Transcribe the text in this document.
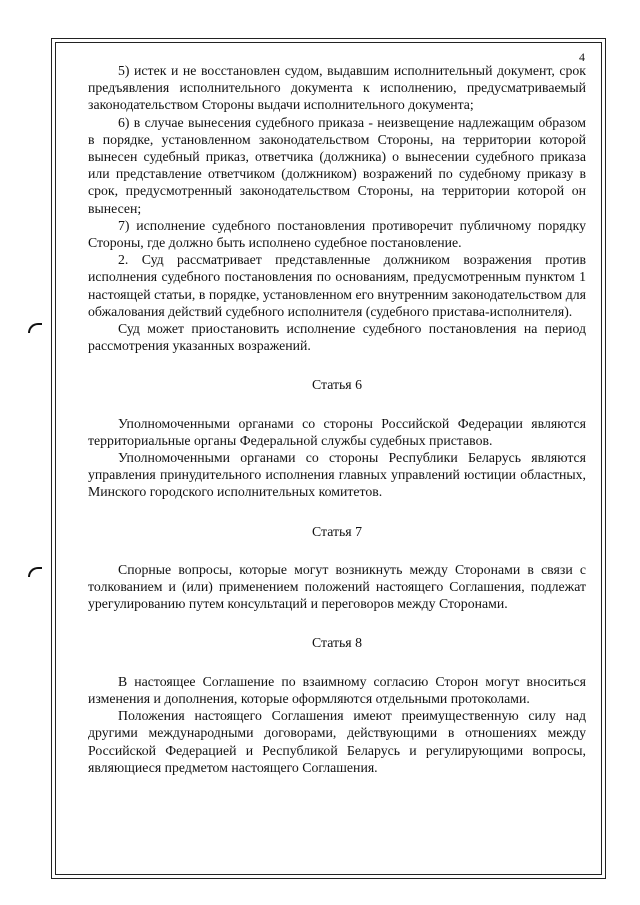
4

5) истек и не восстановлен судом, выдавшим исполнительный документ, срок предъявления исполнительного документа к исполнению, предусматриваемый законодательством Стороны выдачи исполнительного документа;

6) в случае вынесения судебного приказа - неизвещение надлежащим образом в порядке, установленном законодательством Стороны, на территории которой вынесен судебный приказ, ответчика (должника) о вынесении судебного приказа или представление ответчиком (должником) возражений по судебному приказу в срок, предусмотренный законодательством Стороны, на территории которой он вынесен;

7) исполнение судебного постановления противоречит публичному порядку Стороны, где должно быть исполнено судебное постановление.

2. Суд рассматривает представленные должником возражения против исполнения судебного постановления по основаниям, предусмотренным пунктом 1 настоящей статьи, в порядке, установленном его внутренним законодательством для обжалования действий судебного исполнителя (судебного пристава-исполнителя).

Суд может приостановить исполнение судебного постановления на период рассмотрения указанных возражений.

Статья 6

Уполномоченными органами со стороны Российской Федерации являются территориальные органы Федеральной службы судебных приставов.

Уполномоченными органами со стороны Республики Беларусь являются управления принудительного исполнения главных управлений юстиции областных, Минского городского исполнительных комитетов.

Статья 7

Спорные вопросы, которые могут возникнуть между Сторонами в связи с толкованием и (или) применением положений настоящего Соглашения, подлежат урегулированию путем консультаций и переговоров между Сторонами.

Статья 8

В настоящее Соглашение по взаимному согласию Сторон могут вноситься изменения и дополнения, которые оформляются отдельными протоколами.

Положения настоящего Соглашения имеют преимущественную силу над другими международными договорами, действующими в отношениях между Российской Федерацией и Республикой Беларусь и регулирующими вопросы, являющиеся предметом настоящего Соглашения.
